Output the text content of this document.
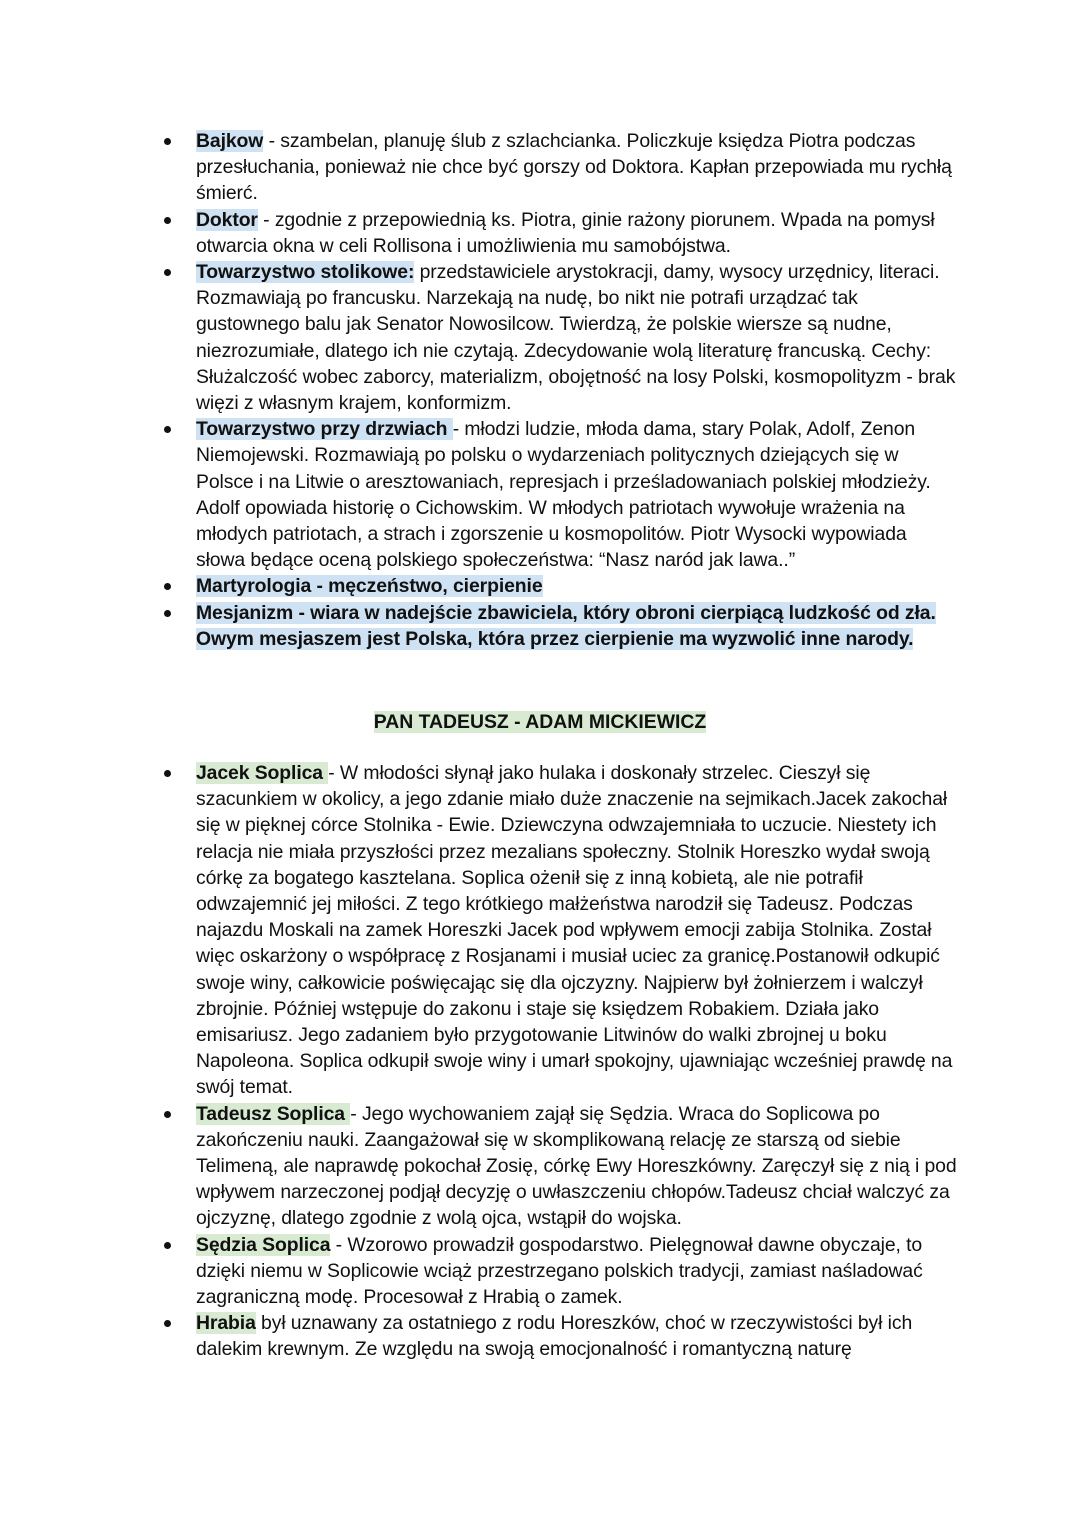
Bajkow - szambelan, planuję ślub z szlachcianka. Policzkuje księdza Piotra podczas przesłuchania, ponieważ nie chce być gorszy od Doktora. Kapłan przepowiada mu rychłą śmierć.
Doktor - zgodnie z przepowiednią ks. Piotra, ginie rażony piorunem. Wpada na pomysł otwarcia okna w celi Rollisona i umożliwienia mu samobójstwa.
Towarzystwo stolikowe: przedstawiciele arystokracji, damy, wysocy urzędnicy, literaci. Rozmawiają po francusku. Narzekają na nudę, bo nikt nie potrafi urządzać tak gustownego balu jak Senator Nowosilcow. Twierdzą, że polskie wiersze są nudne, niezrozumiałe, dlatego ich nie czytają. Zdecydowanie wolą literaturę francuską. Cechy: Służalczość wobec zaborcy, materializm, obojętność na losy Polski, kosmopolityzm - brak więzi z własnym krajem, konformizm.
Towarzystwo przy drzwiach - młodzi ludzie, młoda dama, stary Polak, Adolf, Zenon Niemojewski. Rozmawiają po polsku o wydarzeniach politycznych dziejących się w Polsce i na Litwie o aresztowaniach, represjach i prześladowaniach polskiej młodzieży. Adolf opowiada historię o Cichowskim. W młodych patriotach wywołuje wrażenia na młodych patriotach, a strach i zgorszenie u kosmopolitów. Piotr Wysocki wypowiada słowa będące oceną polskiego społeczeństwa: “Nasz naród jak lawa..”
Martyrologia - męczeństwo, cierpienie
Mesjanizm - wiara w nadejście zbawiciela, który obroni cierpiącą ludzkość od zła. Owym mesjaszem jest Polska, która przez cierpienie ma wyzwolić inne narody.
PAN TADEUSZ - ADAM MICKIEWICZ
Jacek Soplica - W młodości słynął jako hulaka i doskonały strzelec. Cieszył się szacunkiem w okolicy, a jego zdanie miało duże znaczenie na sejmikach.Jacek zakochał się w pięknej córce Stolnika - Ewie. Dziewczyna odwzajemniała to uczucie. Niestety ich relacja nie miała przyszłości przez mezalians społeczny. Stolnik Horeszko wydał swoją córkę za bogatego kasztelana. Soplica ożenił się z inną kobietą, ale nie potrafił odwzajemnić jej miłości. Z tego krótkiego małżeństwa narodził się Tadeusz. Podczas najazdu Moskali na zamek Horeszki Jacek pod wpływem emocji zabija Stolnika. Został więc oskarżony o współpracę z Rosjanami i musiał uciec za granicę.Postanowił odkupić swoje winy, całkowicie poświęcając się dla ojczyzny. Najpierw był żołnierzem i walczył zbrojnie. Później wstępuje do zakonu i staje się księdzem Robakiem. Działa jako emisariusz. Jego zadaniem było przygotowanie Litwinów do walki zbrojnej u boku Napoleona. Soplica odkupił swoje winy i umarł spokojny, ujawniając wcześniej prawdę na swój temat.
Tadeusz Soplica - Jego wychowaniem zajął się Sędzia. Wraca do Soplicowa po zakończeniu nauki. Zaangażował się w skomplikowaną relację ze starszą od siebie Telimeną, ale naprawdę pokochał Zosię, córkę Ewy Horeszkówny. Zaręczył się z nią i pod wpływem narzeczonej podjął decyzję o uwłaszczeniu chłopów.Tadeusz chciał walczyć za ojczyznę, dlatego zgodnie z wolą ojca, wstąpił do wojska.
Sędzia Soplica - Wzorowo prowadził gospodarstwo. Pielęgnował dawne obyczaje, to dzięki niemu w Soplicowie wciąż przestrzegano polskich tradycji, zamiast naśladować zagraniczną modę. Procesował z Hrabią o zamek.
Hrabia był uznawany za ostatniego z rodu Horeszków, choć w rzeczywistości był ich dalekim krewnym. Ze względu na swoją emocjonalność i romantyczną naturę
